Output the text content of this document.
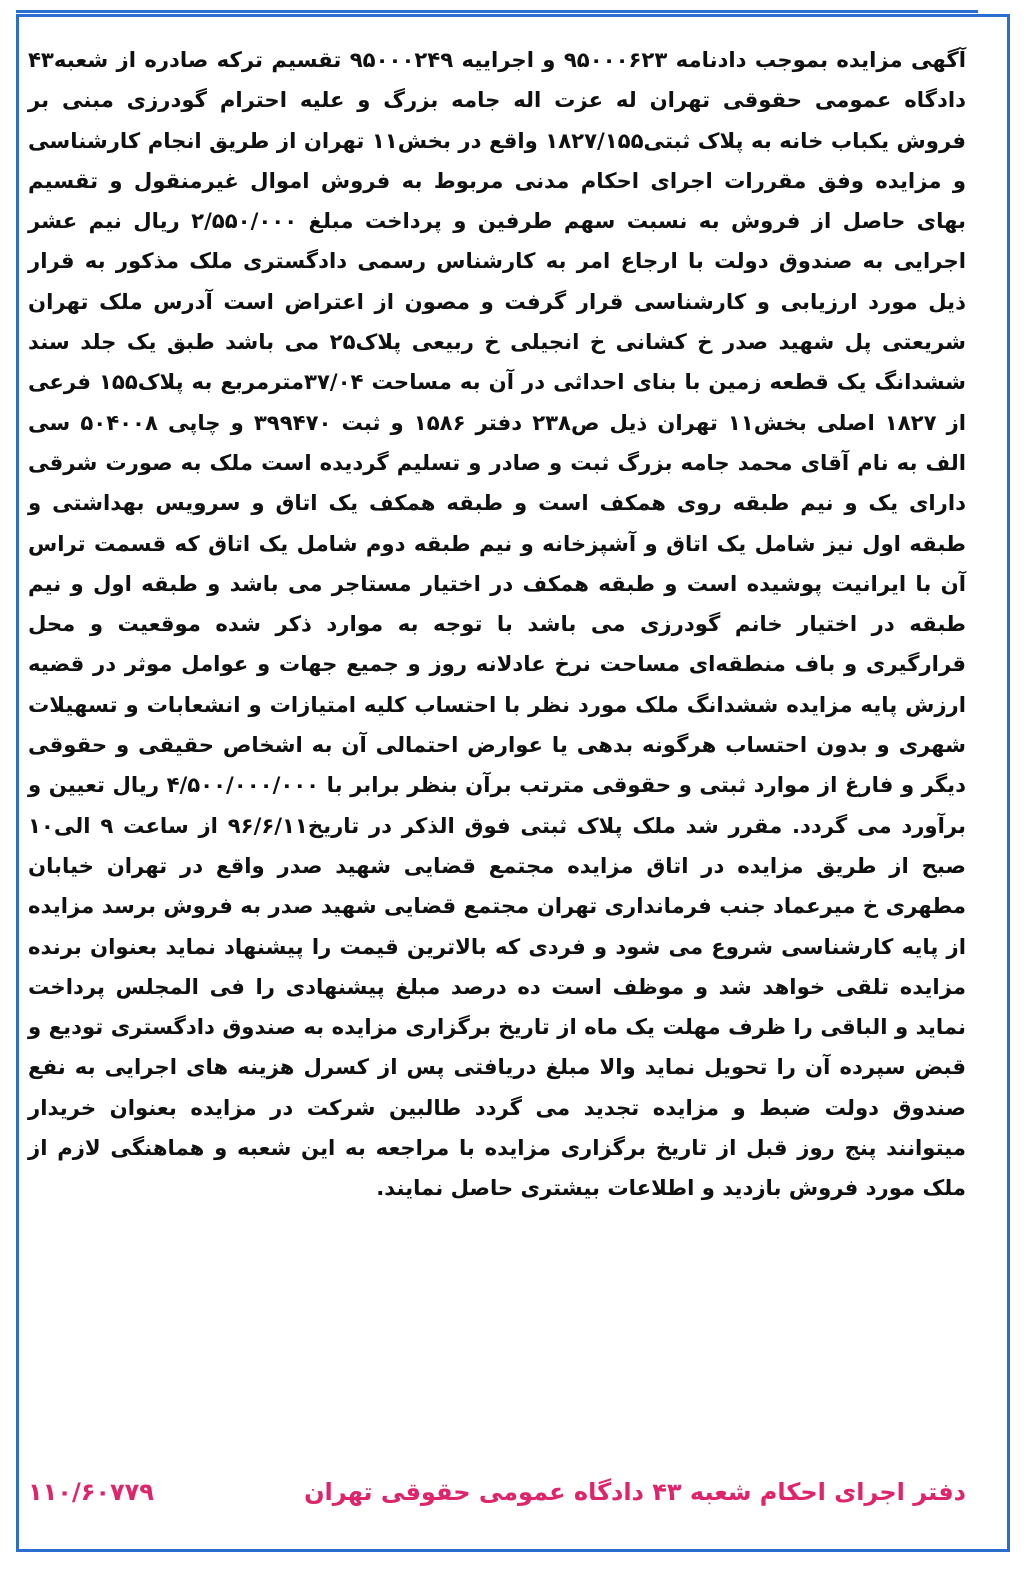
آگهی مزایده بموجب دادنامه ۹۵۰۰۰۶۲۳ و اجراییه ۹۵۰۰۰۲۴۹ تقسیم ترکه صادره از شعبه۴۳ دادگاه عمومی حقوقی تهران له عزت اله جامه بزرگ و علیه احترام گودرزی مبنی بر فروش یکباب خانه به پلاک ثبتی۱۸۲۷/۱۵۵ واقع در بخش۱۱ تهران از طریق انجام کارشناسی و مزایده وفق مقررات اجرای احکام مدنی مربوط به فروش اموال غیرمنقول و تقسیم بهای حاصل از فروش به نسبت سهم طرفین و پرداخت مبلغ ۲/۵۵۰/۰۰۰ ریال نیم عشر اجرایی به صندوق دولت با ارجاع امر به کارشناس رسمی دادگستری ملک مذکور به قرار ذیل مورد ارزیابی و کارشناسی قرار گرفت و مصون از اعتراض است آدرس ملک تهران شریعتی پل شهید صدر خ کشانی خ انجیلی خ ربیعی پلاک۲۵ می باشد طبق یک جلد سند ششدانگ یک قطعه زمین با بنای احداثی در آن به مساحت ۳۷/۰۴مترمربع به پلاک۱۵۵ فرعی از ۱۸۲۷ اصلی بخش۱۱ تهران ذیل ص۲۳۸ دفتر ۱۵۸۶ و ثبت ۳۹۹۴۷۰ و چاپی ۵۰۴۰۰۸ سی الف به نام آقای محمد جامه بزرگ ثبت و صادر و تسلیم گردیده است ملک به صورت شرقی دارای یک و نیم طبقه روی همکف است و طبقه همکف یک اتاق و سرویس بهداشتی و طبقه اول نیز شامل یک اتاق و آشپزخانه و نیم طبقه دوم شامل یک اتاق که قسمت تراس آن با ایرانیت پوشیده است و طبقه همکف در اختیار مستاجر می باشد و طبقه اول و نیم طبقه در اختیار خانم گودرزی می باشد با توجه به موارد ذکر شده موقعیت و محل قرارگیری و باف منطقه‌ای مساحت نرخ عادلانه روز و جمیع جهات و عوامل موثر در قضیه ارزش پایه مزایده ششدانگ ملک مورد نظر با احتساب کلیه امتیازات و انشعابات و تسهیلات شهری و بدون احتساب هرگونه بدهی یا عوارض احتمالی آن به اشخاص حقیقی و حقوقی دیگر و فارغ از موارد ثبتی و حقوقی مترتب برآن بنظر برابر با ۴/۵۰۰/۰۰۰/۰۰۰ ریال تعیین و برآورد می گردد. مقرر شد ملک پلاک ثبتی فوق الذکر در تاریخ۹۶/۶/۱۱ از ساعت ۹ الی۱۰ صبح از طریق مزایده در اتاق مزایده مجتمع قضایی شهید صدر واقع در تهران خیابان مطهری خ میرعماد جنب فرمانداری تهران مجتمع قضایی شهید صدر به فروش برسد مزایده از پایه کارشناسی شروع می شود و فردی که بالاترین قیمت را پیشنهاد نماید بعنوان برنده مزایده تلقی خواهد شد و موظف است ده درصد مبلغ پیشنهادی را فی المجلس پرداخت نماید و الباقی را ظرف مهلت یک ماه از تاریخ برگزاری مزایده به صندوق دادگستری تودیع و قبض سپرده آن را تحویل نماید والا مبلغ دریافتی پس از کسرل هزینه های اجرایی به نفع صندوق دولت ضبط و مزایده تجدید می گردد طالبین شرکت در مزایده بعنوان خریدار میتوانند پنج روز قبل از تاریخ برگزاری مزایده با مراجعه به این شعبه و هماهنگی لازم از ملک مورد فروش بازدید و اطلاعات بیشتری حاصل نمایند.
دفتر اجرای احکام شعبه ۴۳ دادگاه عمومی حقوقی تهران
۱۱۰/۶۰۷۷۹
